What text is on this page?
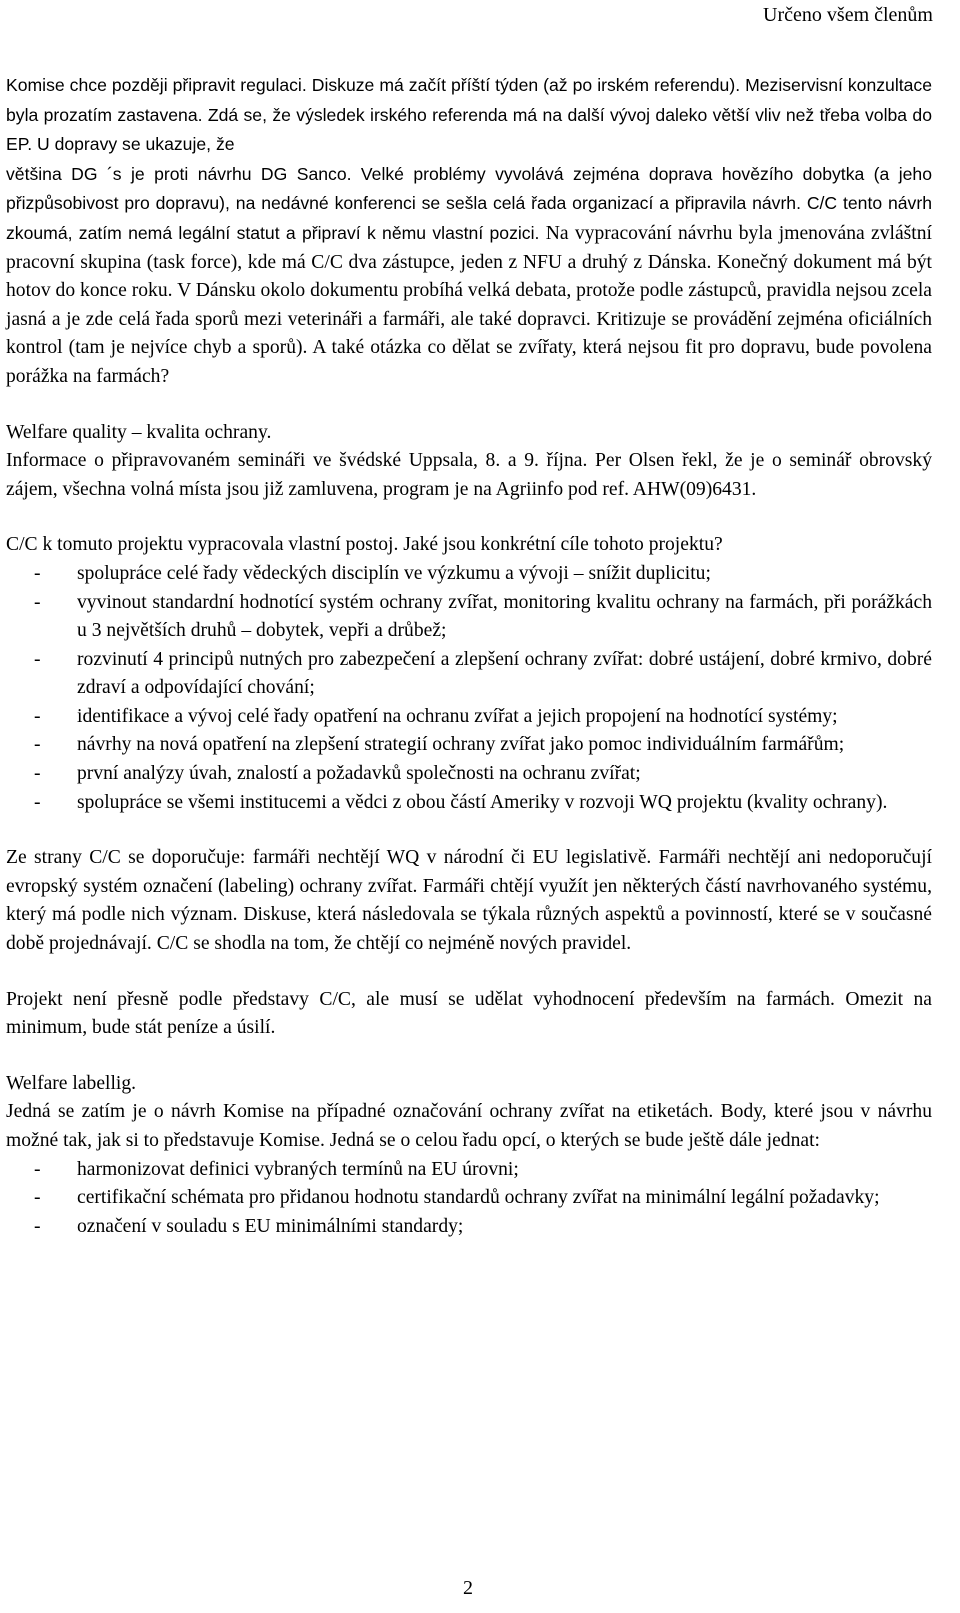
Určeno všem členům

Komise chce později připravit regulaci. Diskuze má začít příští týden (až po irském referendu). Meziservisní konzultace byla prozatím zastavena. Zdá se, že výsledek irského referenda má na další vývoj daleko větší vliv než třeba volba do EP. U dopravy se ukazuje, že

většina DG ´s je proti návrhu DG Sanco. Velké problémy vyvolává zejména doprava hovězího dobytka (a jeho přizpůsobivost pro dopravu), na nedávné konferenci se sešla celá řada organizací a připravila návrh. C/C tento návrh zkoumá, zatím nemá legální statut a připraví k němu vlastní pozici. Na vypracování návrhu byla jmenována zvláštní pracovní skupina (task force), kde má C/C dva zástupce, jeden z NFU a druhý z Dánska. Konečný dokument má být hotov do konce roku. V Dánsku okolo dokumentu probíhá velká debata, protože podle zástupců, pravidla nejsou zcela jasná a je zde celá řada sporů mezi veterináři a farmáři, ale také dopravci. Kritizuje se provádění zejména oficiálních kontrol (tam je nejvíce chyb a sporů). A také otázka co dělat se zvířaty, která nejsou fit pro dopravu, bude povolena porážka na farmách?

Welfare quality – kvalita ochrany.

Informace o připravovaném semináři ve švédské Uppsala, 8. a 9. října. Per Olsen řekl, že je o seminář obrovský zájem, všechna volná místa jsou již zamluvena, program je na Agriinfo pod ref. AHW(09)6431.

C/C k tomuto projektu vypracovala vlastní postoj. Jaké jsou konkrétní cíle tohoto projektu?

- spolupráce celé řady vědeckých disciplín ve výzkumu a vývoji – snížit duplicitu;
- vyvinout standardní hodnotící systém ochrany zvířat, monitoring kvalitu ochrany na farmách, při porážkách u 3 největších druhů – dobytek, vepři a drůbež;
- rozvinutí 4 principů nutných pro zabezpečení a zlepšení ochrany zvířat: dobré ustájení, dobré krmivo, dobré zdraví a odpovídající chování;
- identifikace a vývoj celé řady opatření na ochranu zvířat a jejich propojení na hodnotící systémy;
- návrhy na nová opatření na zlepšení strategií ochrany zvířat jako pomoc individuálním farmářům;
- první analýzy úvah, znalostí a požadavků společnosti na ochranu zvířat;
- spolupráce se všemi institucemi a vědci z obou částí Ameriky v rozvoji WQ projektu (kvality ochrany).

Ze strany C/C se doporučuje: farmáři nechtějí WQ v národní či EU legislativě. Farmáři nechtějí ani nedoporučují evropský systém označení (labeling) ochrany zvířat. Farmáři chtějí využít jen některých částí navrhovaného systému, který má podle nich význam. Diskuse, která následovala se týkala různých aspektů a povinností, které se v současné době projednávají. C/C se shodla na tom, že chtějí co nejméně nových pravidel.

Projekt není přesně podle představy C/C, ale musí se udělat vyhodnocení především na farmách. Omezit na minimum, bude stát peníze a úsilí.

Welfare labellig.

Jedná se zatím je o návrh Komise na případné označování ochrany zvířat na etiketách. Body, které jsou v návrhu možné tak, jak si to představuje Komise. Jedná se o celou řadu opcí, o kterých se bude ještě dále jednat:

- harmonizovat definici vybraných termínů na EU úrovni;
- certifikační schémata pro přidanou hodnotu standardů ochrany zvířat na minimální legální požadavky;
- označení v souladu s EU minimálními standardy;
2
